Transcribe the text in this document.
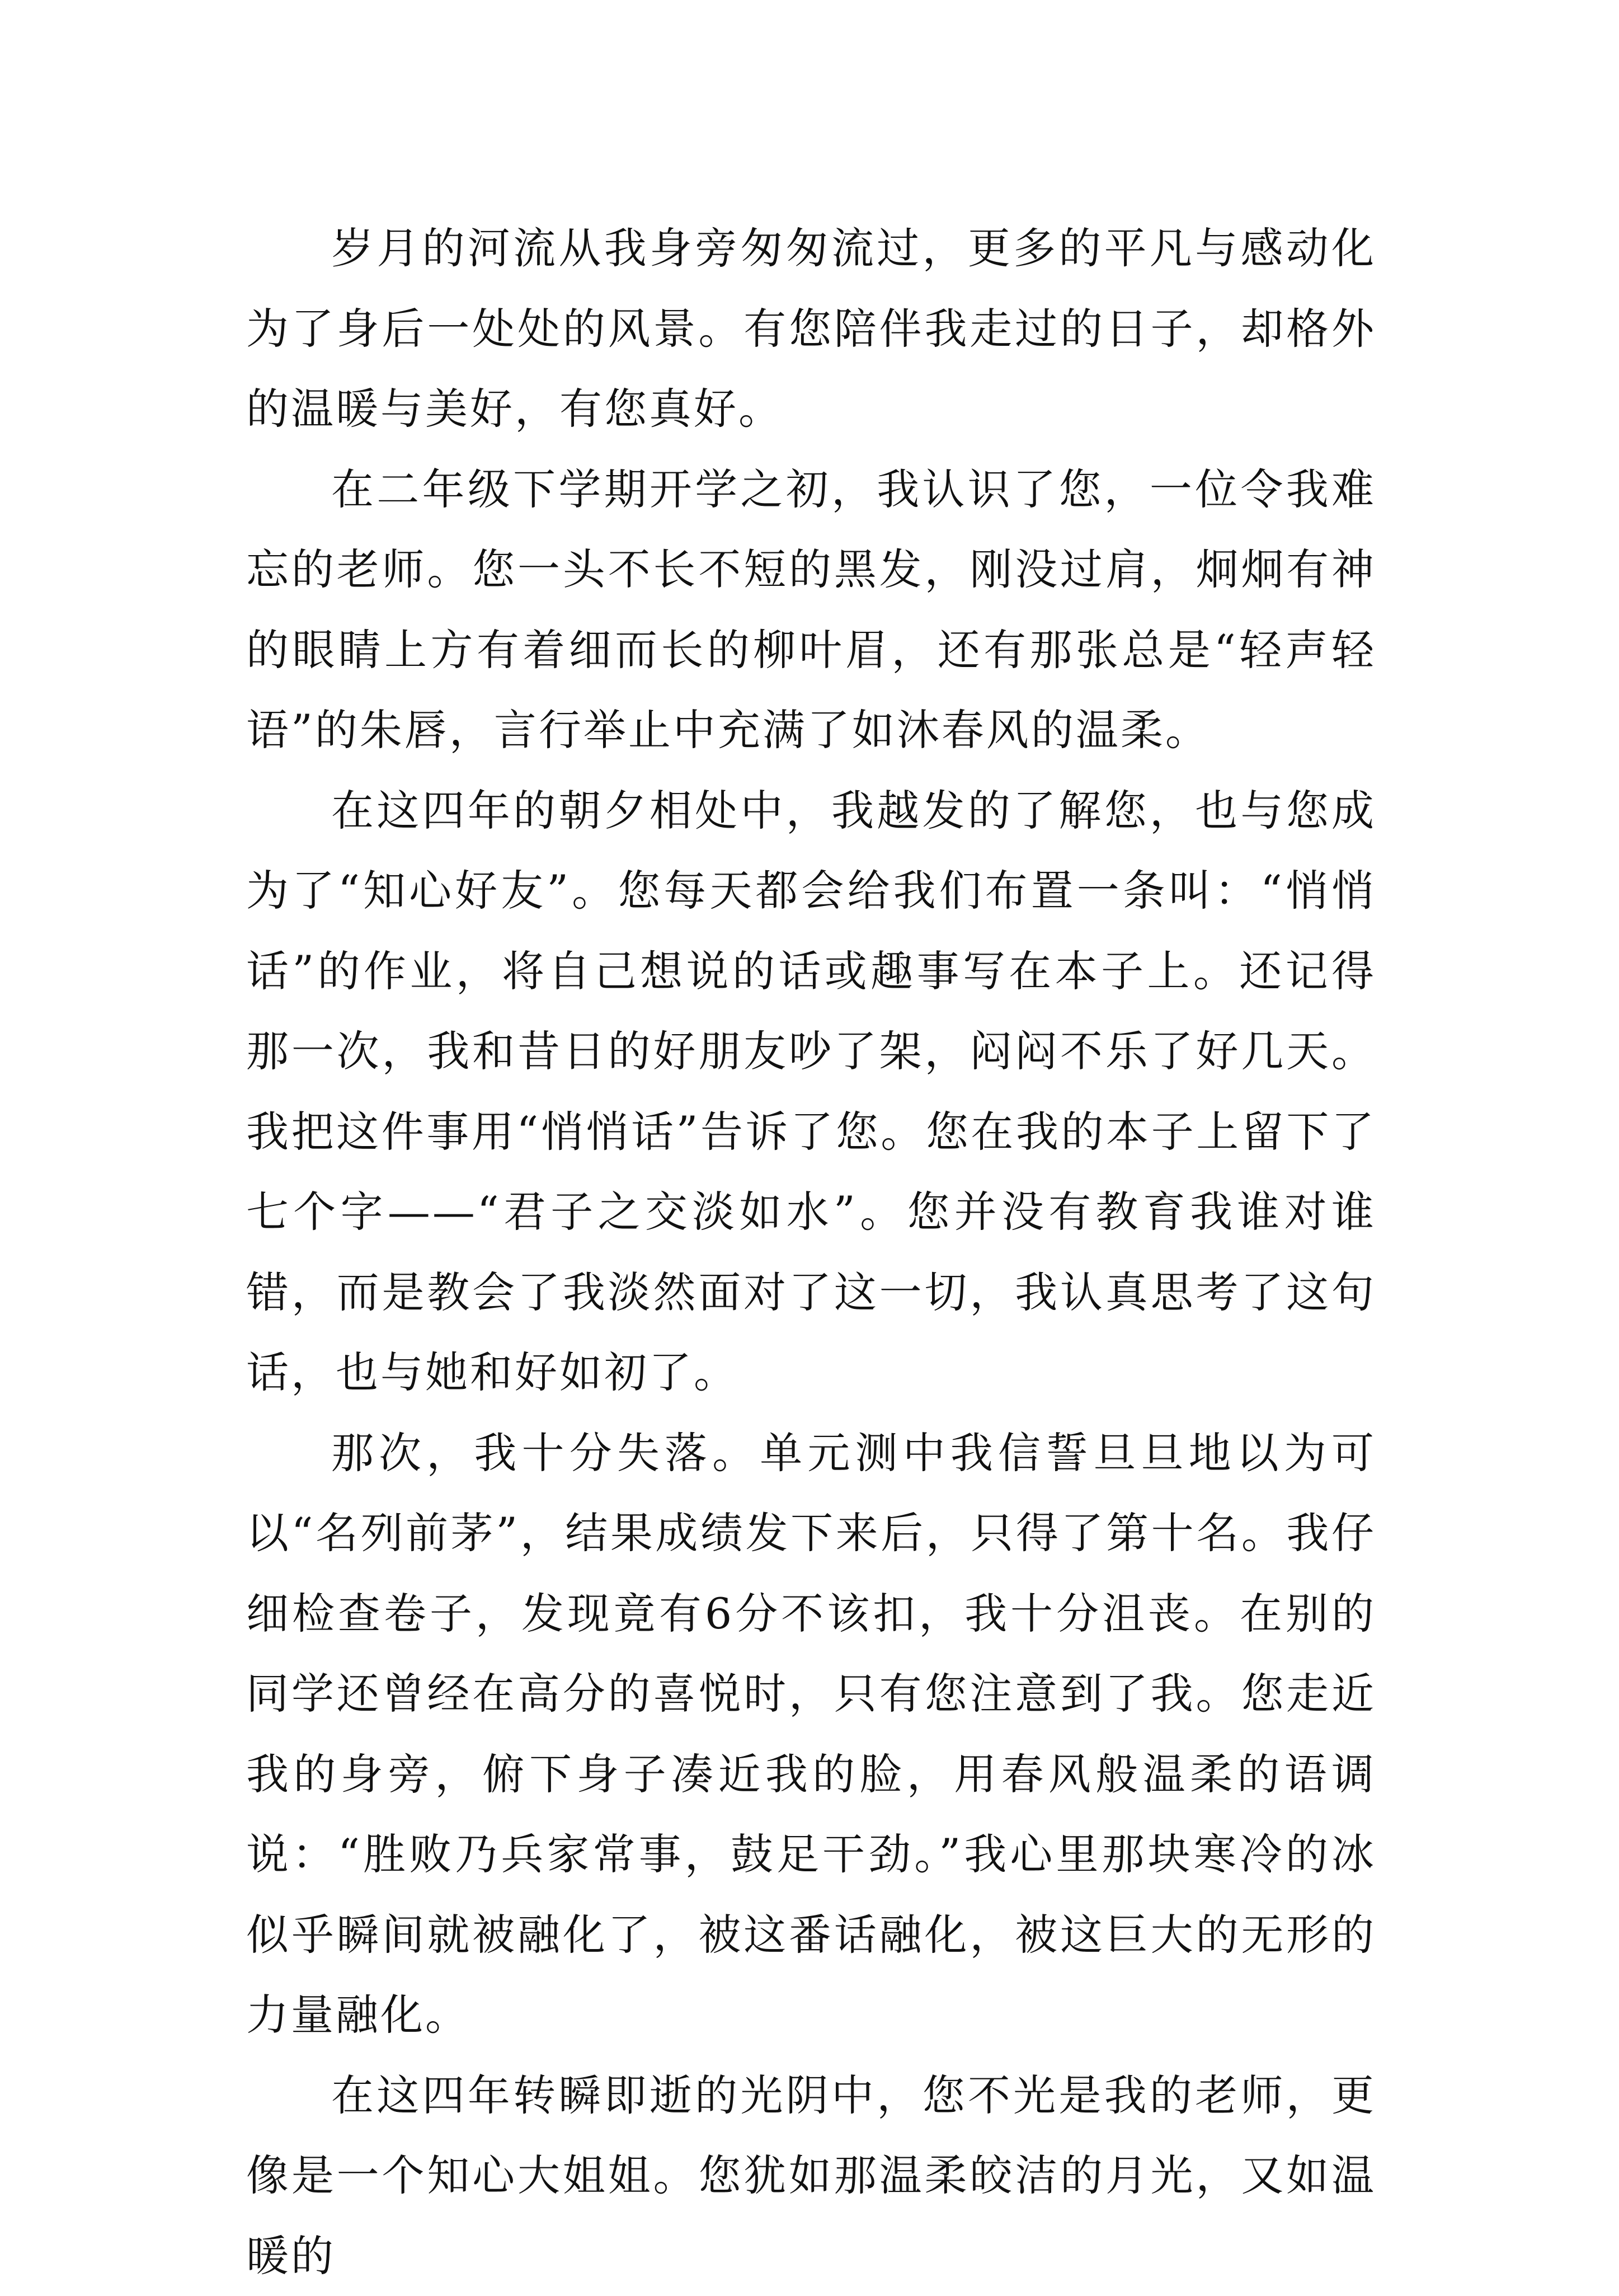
岁月的河流从我身旁匆匆流过，更多的平凡与感动化为了身后一处处的风景。有您陪伴我走过的日子，却格外的温暖与美好，有您真好。

在二年级下学期开学之初，我认识了您，一位令我难忘的老师。您一头不长不短的黑发，刚没过肩，炯炯有神的眼睛上方有着细而长的柳叶眉，还有那张总是“轻声轻语”的朱唇，言行举止中充满了如沐春风的温柔。

在这四年的朝夕相处中，我越发的了解您，也与您成为了“知心好友”。您每天都会给我们布置一条叫：“悄悄话”的作业，将自己想说的话或趣事写在本子上。还记得那一次，我和昔日的好朋友吵了架，闷闷不乐了好几天。我把这件事用“悄悄话”告诉了您。您在我的本子上留下了七个字——“君子之交淡如水”。您并没有教育我谁对谁错，而是教会了我淡然面对了这一切，我认真思考了这句话，也与她和好如初了。

那次，我十分失落。单元测中我信誓旦旦地以为可以“名列前茅”，结果成绩发下来后，只得了第十名。我仔细检查卷子，发现竟有6分不该扣，我十分沮丧。在别的同学还曾经在高分的喜悦时，只有您注意到了我。您走近我的身旁，俯下身子凑近我的脸，用春风般温柔的语调说：“胜败乃兵家常事，鼓足干劲。”我心里那块寒冷的冰似乎瞬间就被融化了，被这番话融化，被这巨大的无形的力量融化。

在这四年转瞬即逝的光阴中，您不光是我的老师，更像是一个知心大姐姐。您犹如那温柔皎洁的月光，又如温暖的
